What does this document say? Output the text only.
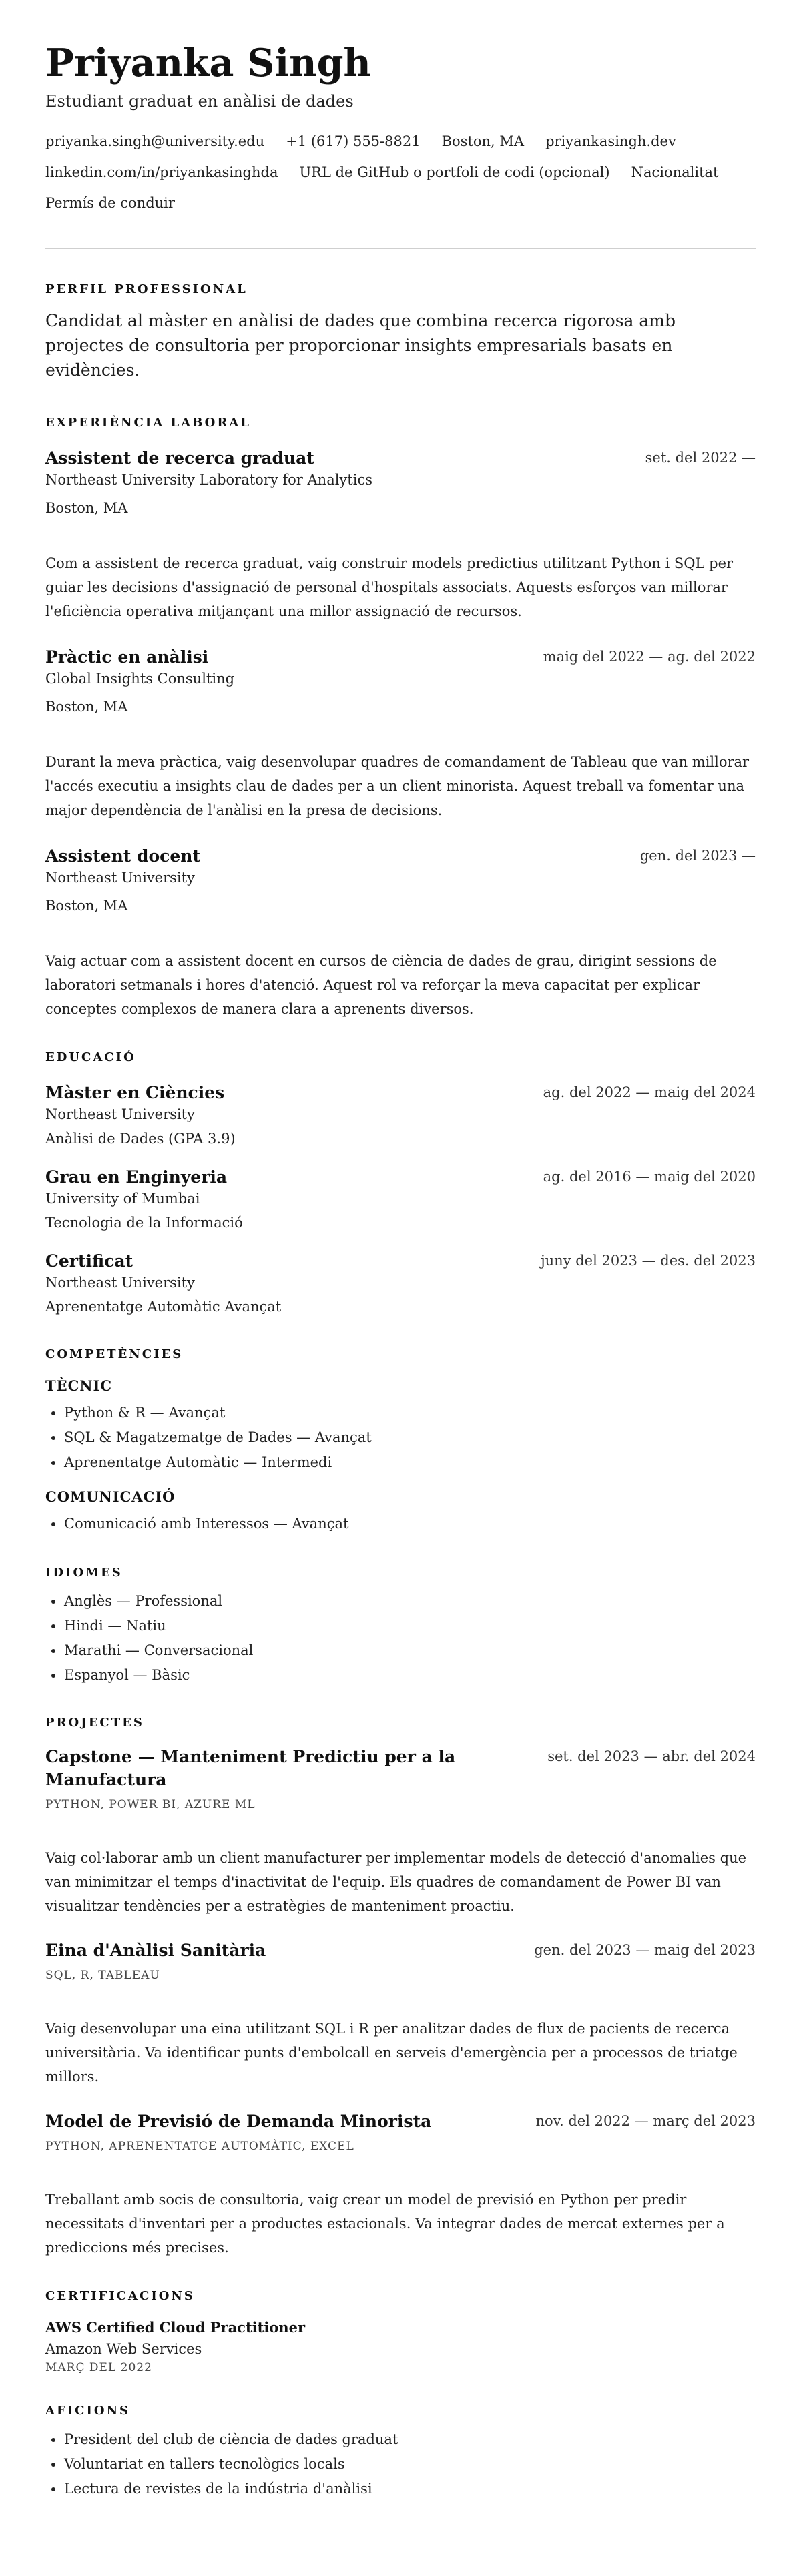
Priyanka Singh
Estudiant graduat en anàlisi de dades
priyanka.singh@university.edu +1 (617) 555-8821 Boston, MA priyankasingh.dev
linkedin.com/in/priyankasinghda URL de GitHub o portfoli de codi (opcional) Nacionalitat
Permís de conduir
PERFIL PROFESSIONAL
Candidat al màster en anàlisi de dades que combina recerca rigorosa amb projectes de consultoria per proporcionar insights empresarials basats en evidències.
EXPERIÈNCIA LABORAL
Assistent de recerca graduat	set. del 2022 —
Northeast University Laboratory for Analytics
Boston, MA
Com a assistent de recerca graduat, vaig construir models predictius utilitzant Python i SQL per guiar les decisions d'assignació de personal d'hospitals associats. Aquests esforços van millorar l'eficiència operativa mitjançant una millor assignació de recursos.
Pràctic en anàlisi	maig del 2022 — ag. del 2022
Global Insights Consulting
Boston, MA
Durant la meva pràctica, vaig desenvolupar quadres de comandament de Tableau que van millorar l'accés executiu a insights clau de dades per a un client minorista. Aquest treball va fomentar una major dependència de l'anàlisi en la presa de decisions.
Assistent docent	gen. del 2023 —
Northeast University
Boston, MA
Vaig actuar com a assistent docent en cursos de ciència de dades de grau, dirigint sessions de laboratori setmanals i hores d'atenció. Aquest rol va reforçar la meva capacitat per explicar conceptes complexos de manera clara a aprenents diversos.
EDUCACIÓ
Màster en Ciències	ag. del 2022 — maig del 2024
Northeast University
Anàlisi de Dades (GPA 3.9)
Grau en Enginyeria	ag. del 2016 — maig del 2020
University of Mumbai
Tecnologia de la Informació
Certificat	juny del 2023 — des. del 2023
Northeast University
Aprenentatge Automàtic Avançat
COMPETÈNCIES
TÈCNIC
• Python & R — Avançat
• SQL & Magatzematge de Dades — Avançat
• Aprenentatge Automàtic — Intermedi
COMUNICACIÓ
• Comunicació amb Interessos — Avançat
IDIOMES
• Anglès — Professional
• Hindi — Natiu
• Marathi — Conversacional
• Espanyol — Bàsic
PROJECTES
Capstone — Manteniment Predictiu per a la Manufactura
set. del 2023 — abr. del 2024
PYTHON, POWER BI, AZURE ML
Vaig col·laborar amb un client manufacturer per implementar models de detecció d'anomalies que van minimitzar el temps d'inactivitat de l'equip. Els quadres de comandament de Power BI van visualitzar tendències per a estratègies de manteniment proactiu.
Eina d'Anàlisi Sanitària	gen. del 2023 — maig del 2023
SQL, R, TABLEAU
Vaig desenvolupar una eina utilitzant SQL i R per analitzar dades de flux de pacients de recerca universitària. Va identificar punts d'embolcall en serveis d'emergència per a processos de triatge millors.
Model de Previsió de Demanda Minorista	nov. del 2022 — març del 2023
PYTHON, APRENENTATGE AUTOMÀTIC, EXCEL
Treballant amb socis de consultoria, vaig crear un model de previsió en Python per predir necessitats d'inventari per a productes estacionals. Va integrar dades de mercat externes per a prediccions més precises.
CERTIFICACIONS
AWS Certified Cloud Practitioner
Amazon Web Services
MARÇ DEL 2022
AFICIONS
• President del club de ciència de dades graduat
• Voluntariat en tallers tecnològics locals
• Lectura de revistes de la indústria d'anàlisi
